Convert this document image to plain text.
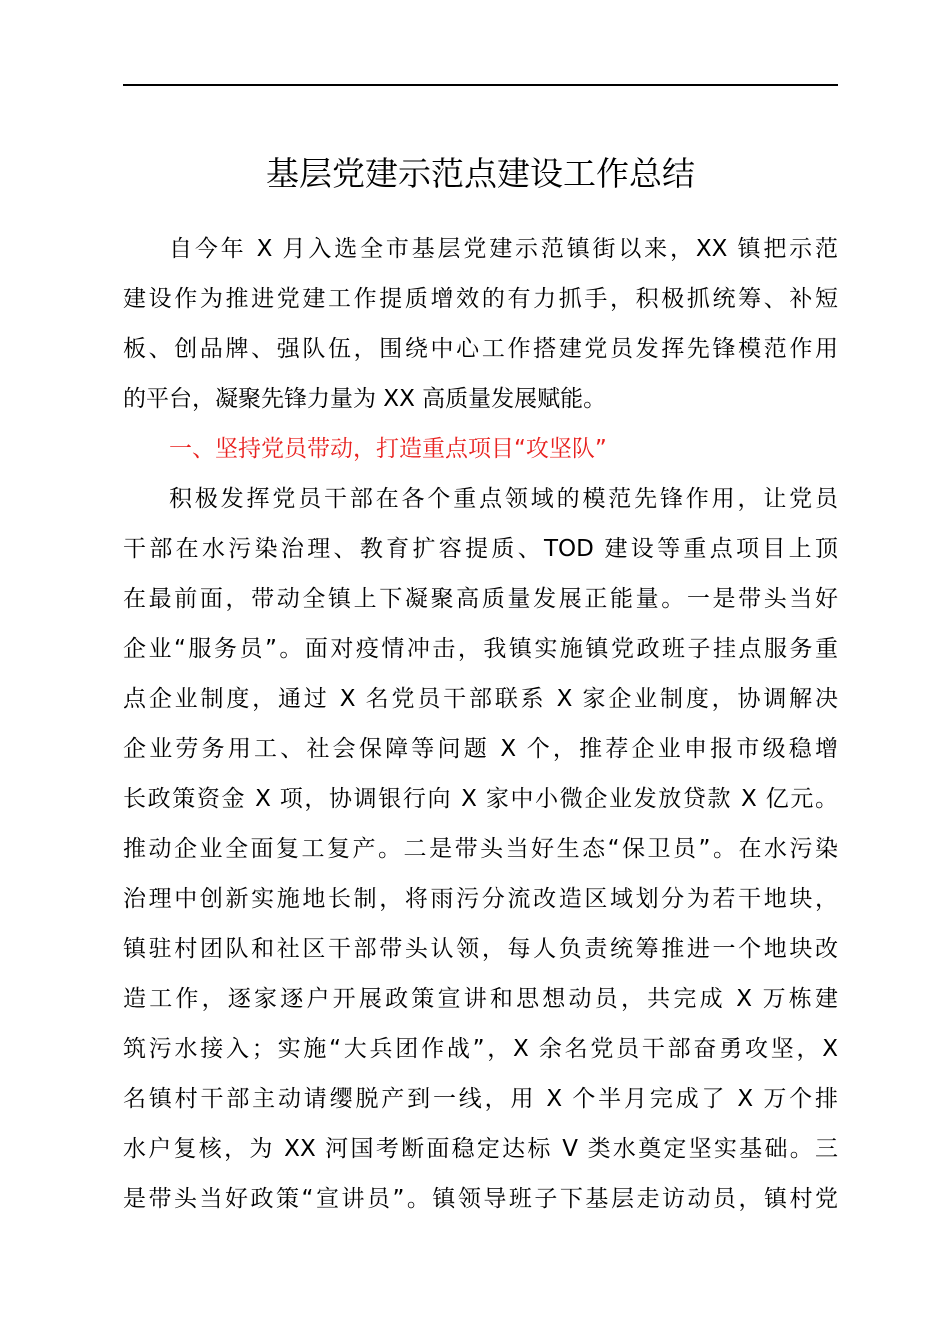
基层党建示范点建设工作总结
自今年 X 月入选全市基层党建示范镇街以来，XX 镇把示范
建设作为推进党建工作提质增效的有力抓手，积极抓统筹、补短
板、创品牌、强队伍，围绕中心工作搭建党员发挥先锋模范作用
的平台，凝聚先锋力量为 XX 高质量发展赋能。
一、坚持党员带动，打造重点项目“攻坚队”
积极发挥党员干部在各个重点领域的模范先锋作用，让党员
干部在水污染治理、教育扩容提质、TOD 建设等重点项目上顶
在最前面，带动全镇上下凝聚高质量发展正能量。一是带头当好
企业“服务员”。面对疫情冲击，我镇实施镇党政班子挂点服务重
点企业制度，通过 X 名党员干部联系 X 家企业制度，协调解决
企业劳务用工、社会保障等问题 X 个，推荐企业申报市级稳增
长政策资金 X 项，协调银行向 X 家中小微企业发放贷款 X 亿元。
推动企业全面复工复产。二是带头当好生态“保卫员”。在水污染
治理中创新实施地长制，将雨污分流改造区域划分为若干地块，
镇驻村团队和社区干部带头认领，每人负责统筹推进一个地块改
造工作，逐家逐户开展政策宣讲和思想动员，共完成 X 万栋建
筑污水接入；实施“大兵团作战”，X 余名党员干部奋勇攻坚，X
名镇村干部主动请缨脱产到一线，用 X 个半月完成了 X 万个排
水户复核，为 XX 河国考断面稳定达标 V 类水奠定坚实基础。三
是带头当好政策“宣讲员”。镇领导班子下基层走访动员，镇村党
